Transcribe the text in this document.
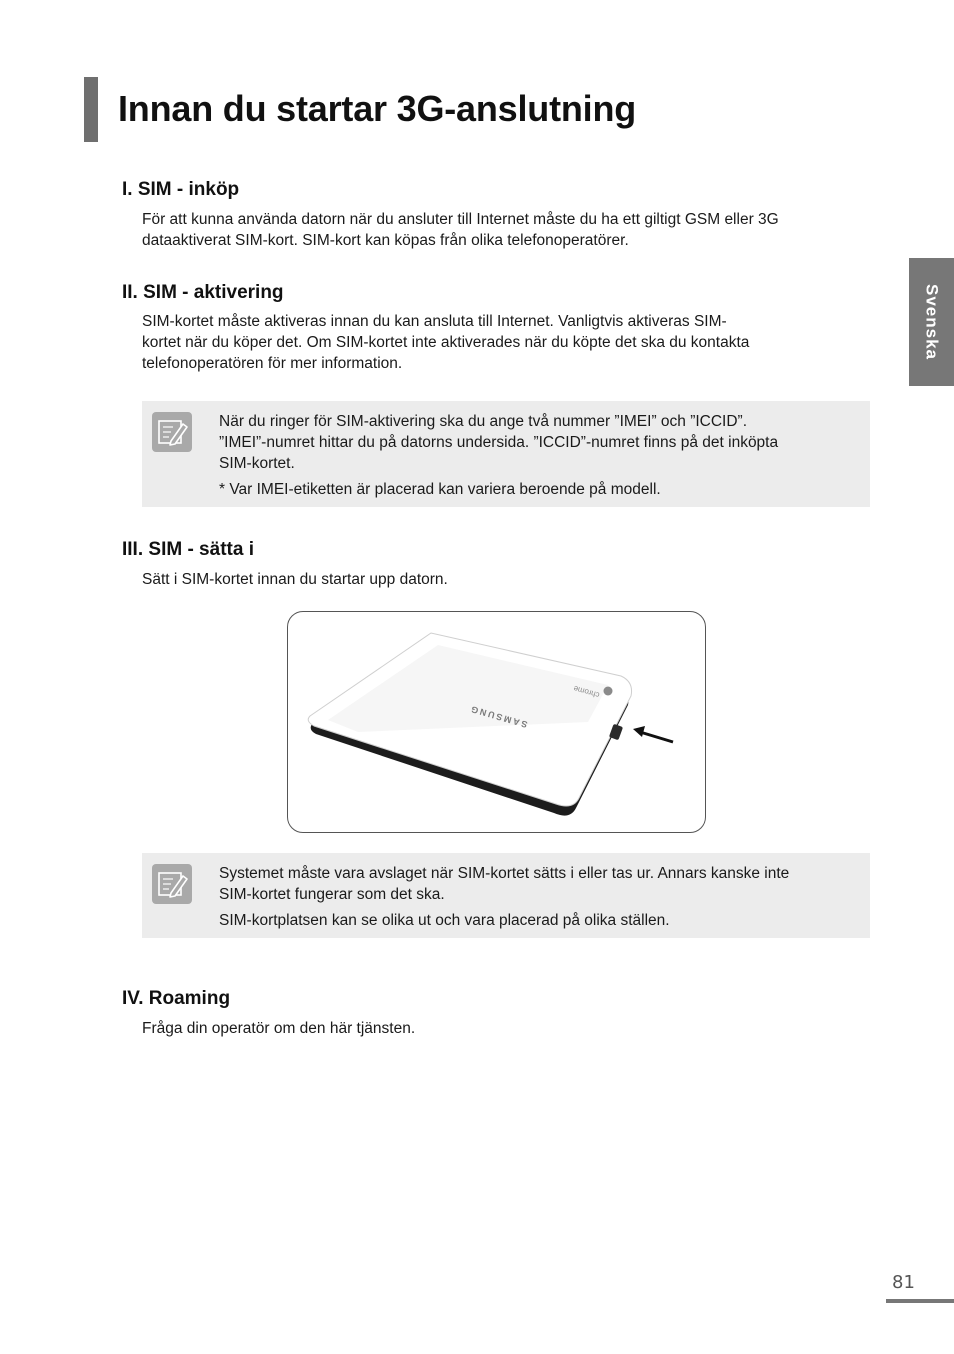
Innan du startar 3G-anslutning
Svenska
I. SIM - inköp

För att kunna använda datorn när du ansluter till Internet måste du ha ett giltigt GSM eller 3G
dataaktiverat SIM-kort. SIM-kort kan köpas från olika telefonoperatörer.

II. SIM - aktivering

SIM-kortet måste aktiveras innan du kan ansluta till Internet. Vanligtvis aktiveras SIM-
kortet när du köper det. Om SIM-kortet inte aktiverades när du köpte det ska du kontakta
telefonoperatören för mer information.

När du ringer för SIM-aktivering ska du ange två nummer ”IMEI” och ”ICCID”.
”IMEI”-numret hittar du på datorns undersida. ”ICCID”-numret finns på det inköpta
SIM-kortet.

* Var IMEI-etiketten är placerad kan variera beroende på modell.

III. SIM - sätta i

Sätt i SIM-kortet innan du startar upp datorn.

SAMSUNG
chrome

Systemet måste vara avslaget när SIM-kortet sätts i eller tas ur. Annars kanske inte
SIM-kortet fungerar som det ska.

SIM-kortplatsen kan se olika ut och vara placerad på olika ställen.

IV. Roaming

Fråga din operatör om den här tjänsten.

81
